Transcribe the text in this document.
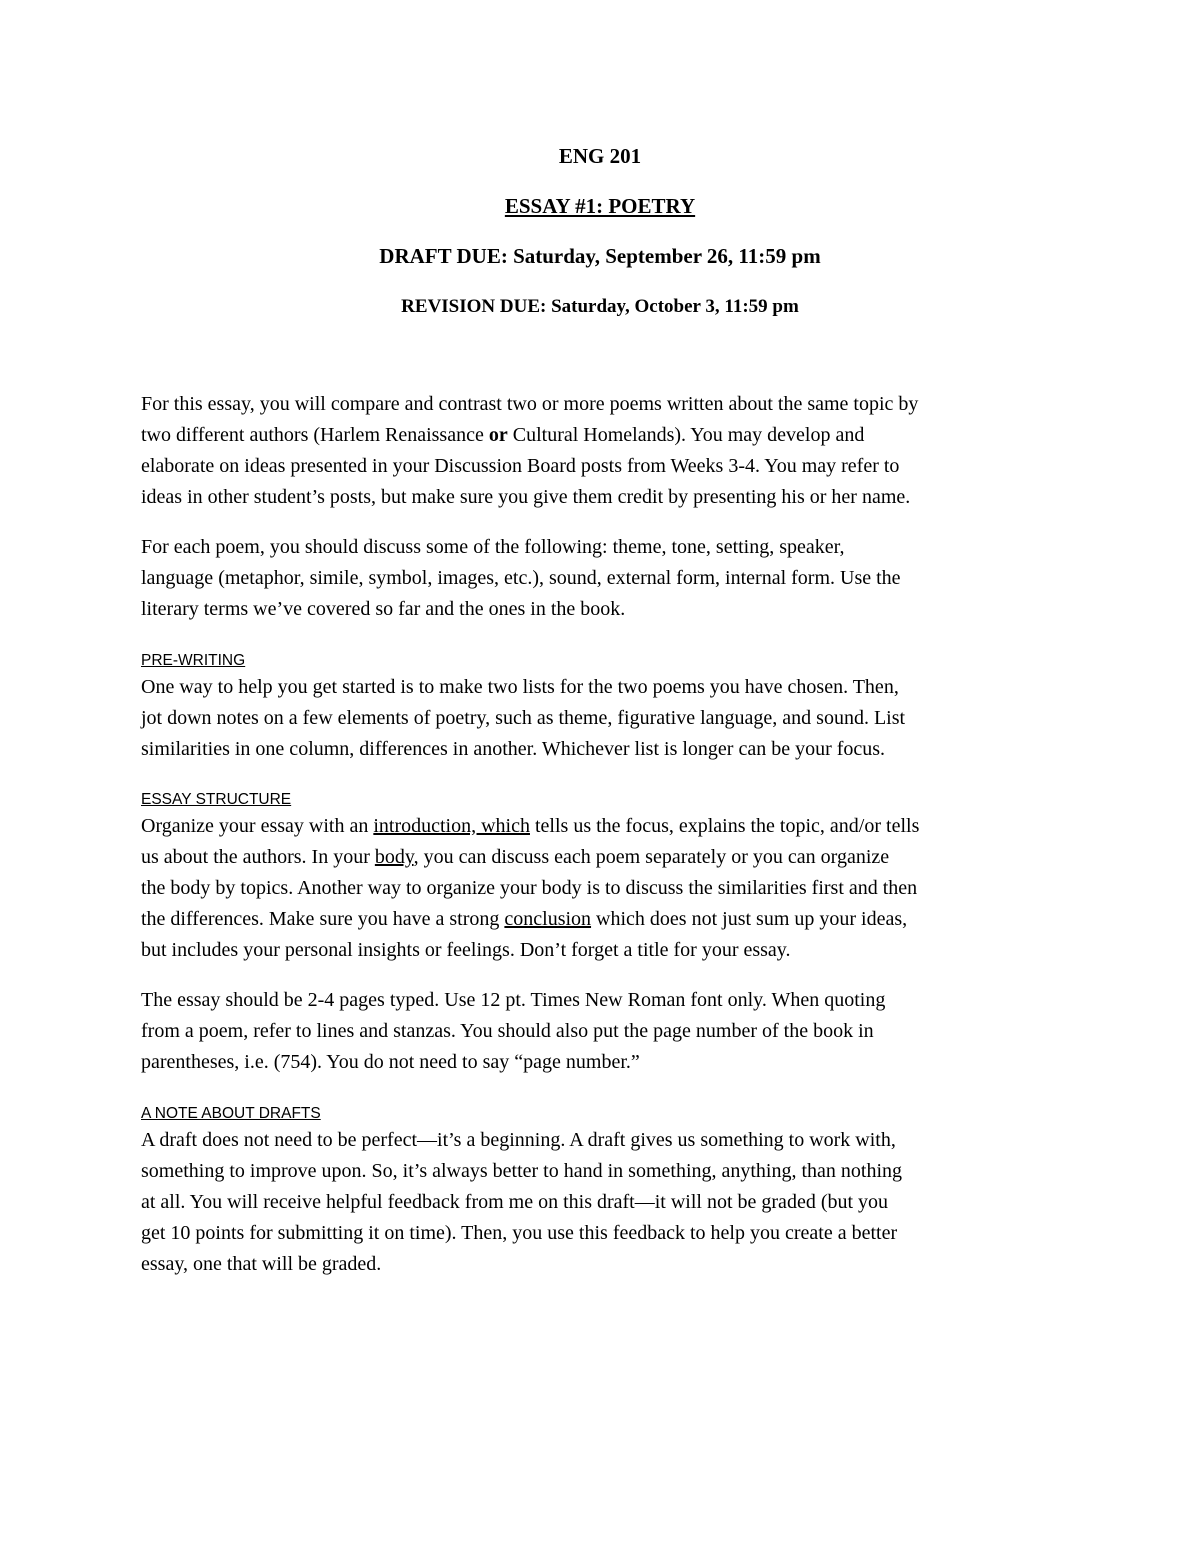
ENG 201
ESSAY #1: POETRY
DRAFT DUE: Saturday, September 26, 11:59 pm
REVISION DUE: Saturday, October 3, 11:59 pm
For this essay, you will compare and contrast two or more poems written about the same topic by
two different authors (Harlem Renaissance or Cultural Homelands). You may develop and
elaborate on ideas presented in your Discussion Board posts from Weeks 3-4. You may refer to
ideas in other student’s posts, but make sure you give them credit by presenting his or her name.
For each poem, you should discuss some of the following: theme, tone, setting, speaker,
language (metaphor, simile, symbol, images, etc.), sound, external form, internal form. Use the
literary terms we’ve covered so far and the ones in the book.
PRE-WRITING
One way to help you get started is to make two lists for the two poems you have chosen. Then,
jot down notes on a few elements of poetry, such as theme, figurative language, and sound. List
similarities in one column, differences in another. Whichever list is longer can be your focus.
ESSAY STRUCTURE
Organize your essay with an introduction, which tells us the focus, explains the topic, and/or tells
us about the authors. In your body, you can discuss each poem separately or you can organize
the body by topics. Another way to organize your body is to discuss the similarities first and then
the differences. Make sure you have a strong conclusion which does not just sum up your ideas,
but includes your personal insights or feelings. Don’t forget a title for your essay.
The essay should be 2-4 pages typed. Use 12 pt. Times New Roman font only. When quoting
from a poem, refer to lines and stanzas. You should also put the page number of the book in
parentheses, i.e. (754). You do not need to say “page number.”
A NOTE ABOUT DRAFTS
A draft does not need to be perfect—it’s a beginning. A draft gives us something to work with,
something to improve upon. So, it’s always better to hand in something, anything, than nothing
at all. You will receive helpful feedback from me on this draft—it will not be graded (but you
get 10 points for submitting it on time). Then, you use this feedback to help you create a better
essay, one that will be graded.
